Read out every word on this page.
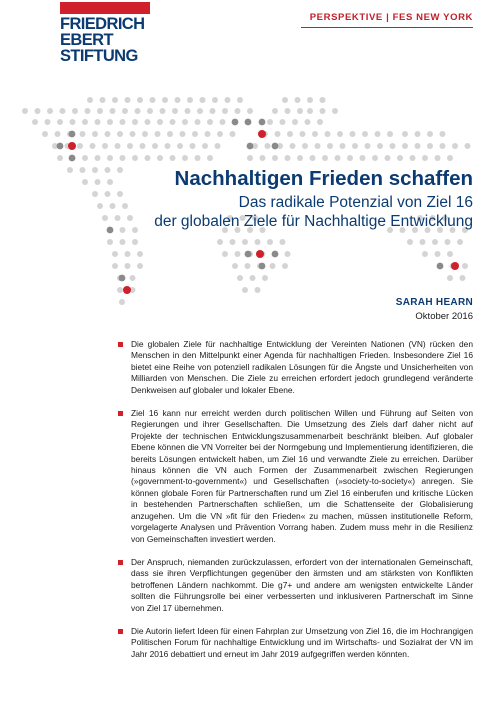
FRIEDRICH
EBERT
STIFTUNG
PERSPEKTIVE | FES NEW YORK
Nachhaltigen Frieden schaffen
Das radikale Potenzial von Ziel 16
der globalen Ziele für Nachhaltige Entwicklung
SARAH HEARN
Oktober 2016

Die globalen Ziele für nachhaltige Entwicklung der Vereinten Nationen (VN) rücken den Menschen in den Mittelpunkt einer Agenda für nachhaltigen Frieden. Insbesondere Ziel 16 bietet eine Reihe von potenziell radikalen Lösungen für die Ängste und Unsicherheiten von Milliarden von Menschen. Die Ziele zu erreichen erfordert jedoch grundlegend veränderte Denkweisen auf globaler und lokaler Ebene.

Ziel 16 kann nur erreicht werden durch politischen Willen und Führung auf Seiten von Regierungen und ihrer Gesellschaften. Die Umsetzung des Ziels darf daher nicht auf Projekte der technischen Entwicklungszusammenarbeit beschränkt bleiben. Auf globaler Ebene können die VN Vorreiter bei der Normgebung und Implementierung identifizieren, die bereits Lösungen entwickelt haben, um Ziel 16 und verwandte Ziele zu erreichen. Darüber hinaus können die VN auch Formen der Zusammenarbeit zwischen Regierungen (»government-to-government«) und Gesellschaften (»society-to-society«) anregen. Sie können globale Foren für Partnerschaften rund um Ziel 16 einberufen und kritische Lücken in bestehenden Partnerschaften schließen, um die Schattenseite der Globalisierung anzugehen. Um die VN »fit für den Frieden« zu machen, müssen institutionelle Reform, vorgelagerte Analysen und Prävention Vorrang haben. Zudem muss mehr in die Resilienz von Gemeinschaften investiert werden.

Der Anspruch, niemanden zurückzulassen, erfordert von der internationalen Gemeinschaft, dass sie ihren Verpflichtungen gegenüber den ärmsten und am stärksten von Konflikten betroffenen Ländern nachkommt. Die g7+ und andere am wenigsten entwickelte Länder sollten die Führungsrolle bei einer verbesserten und inklusiveren Partnerschaft im Sinne von Ziel 17 übernehmen.

Die Autorin liefert Ideen für einen Fahrplan zur Umsetzung von Ziel 16, die im Hochrangigen Politischen Forum für nachhaltige Entwicklung und im Wirtschafts- und Sozialrat der VN im Jahr 2016 debattiert und erneut im Jahr 2019 aufgegriffen werden könnten.
